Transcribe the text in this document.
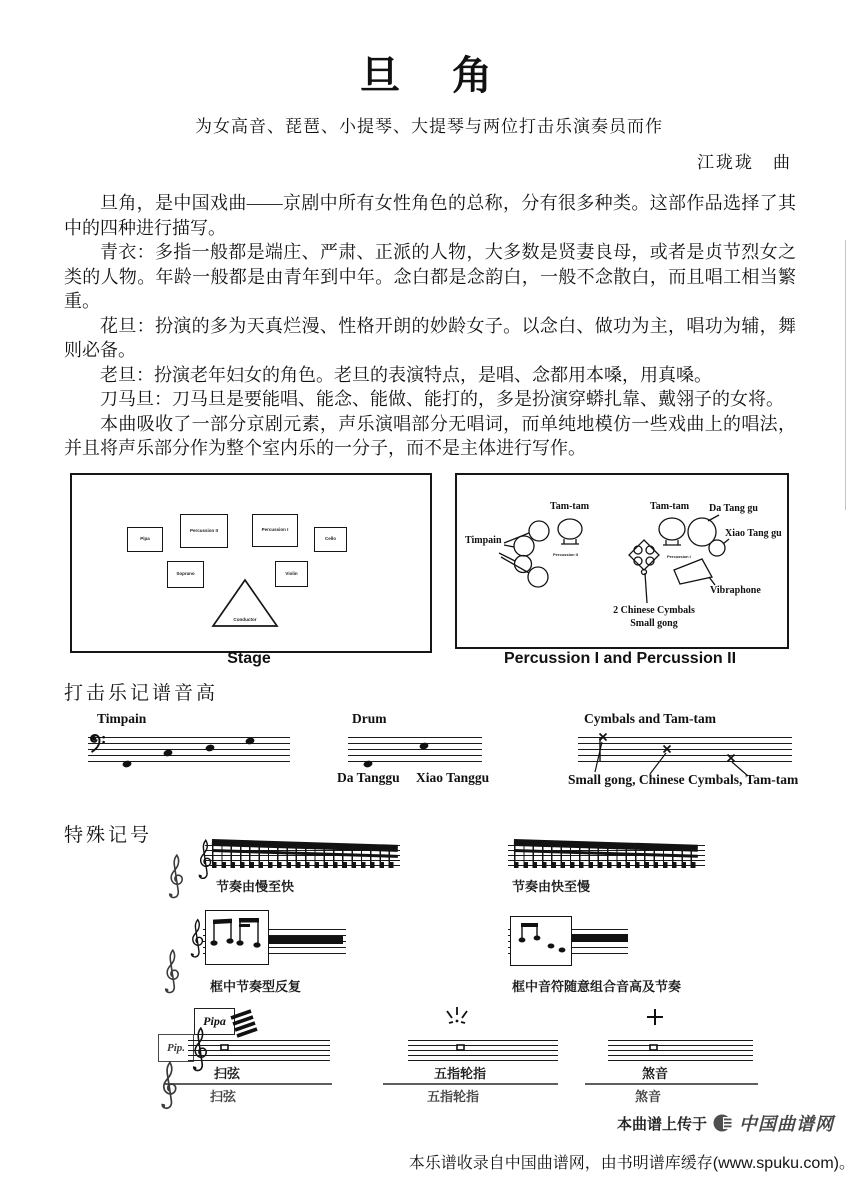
旦　角
为女高音、琵琶、小提琴、大提琴与两位打击乐演奏员而作
江珑珑　曲

旦角，是中国戏曲——京剧中所有女性角色的总称，分有很多种类。这部作品选择了其中的四种进行描写。

青衣：多指一般都是端庄、严肃、正派的人物，大多数是贤妻良母，或者是贞节烈女之类的人物。年龄一般都是由青年到中年。念白都是念韵白，一般不念散白，而且唱工相当繁重。

花旦：扮演的多为天真烂漫、性格开朗的妙龄女子。以念白、做功为主，唱功为辅，舞则必备。

老旦：扮演老年妇女的角色。老旦的表演特点，是唱、念都用本嗓，用真嗓。

刀马旦：刀马旦是要能唱、能念、能做、能打的，多是扮演穿蟒扎靠、戴翎子的女将。

本曲吸收了一部分京剧元素，声乐演唱部分无唱词，而单纯地模仿一些戏曲上的唱法，并且将声乐部分作为整个室内乐的一分子，而不是主体进行写作。

Pipa
Percussion II	Percussion I
Cello
Soprano	Violin
Conductor
Stage
Timpain
Tam-tam
Percussion II
Tam-tam Da Tang gu
Xiao Tang gu
Percussion I
2 Chinese Cymbals
Small gong
Vibraphone
Percussion I and Percussion II
打击乐记谱音高
Timpain	Drum
Da Tanggu Xiao Tanggu
Cymbals and Tam-tam
Small gong, Chinese Cymbals, Tam-tam
特殊记号
节奏由慢至快	节奏由快至慢
框中节奏型反复	框中音符随意组合音高及节奏
Pipa
Pip.
扫弦
扫弦
五指轮指
五指轮指
煞音
煞音
本曲谱上传于 中国曲谱网
本乐谱收录自中国曲谱网，由书明谱库缓存(www.spuku.com)。
